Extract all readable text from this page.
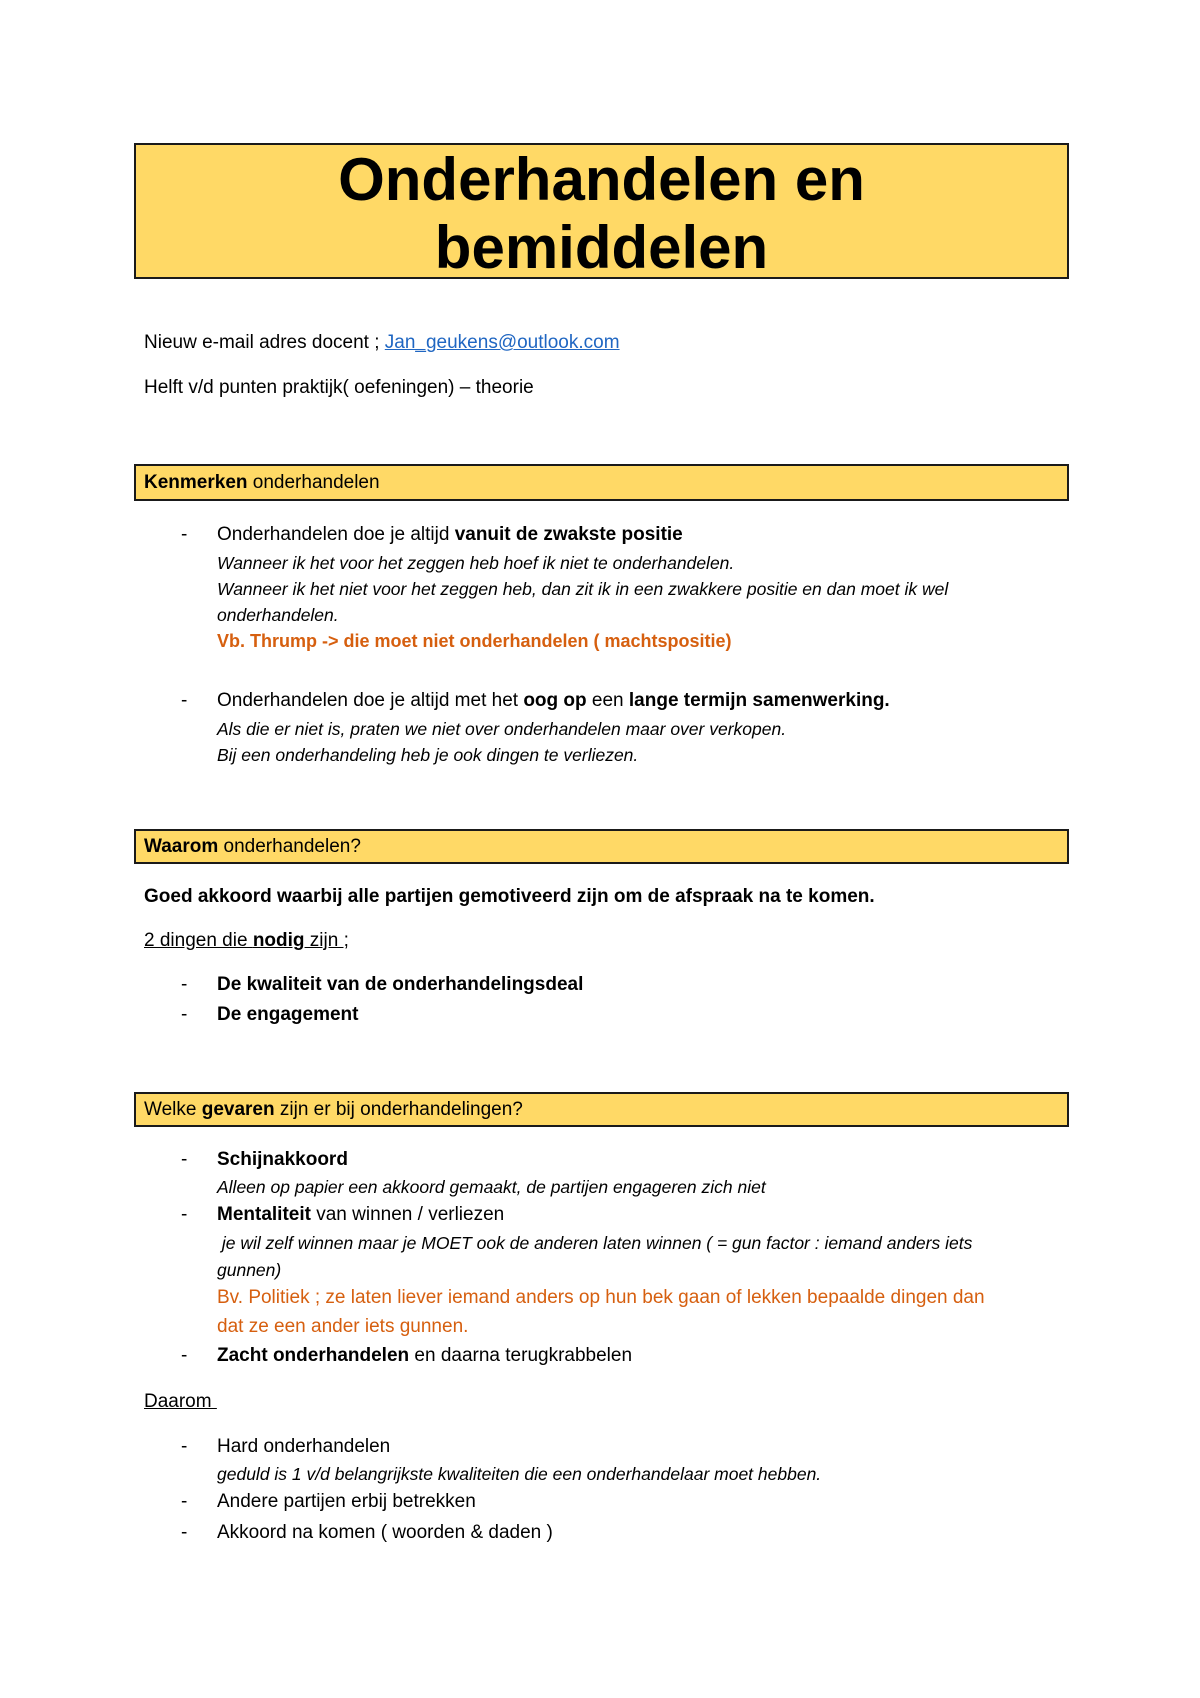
Onderhandelen en
bemiddelen
Nieuw e-mail adres docent ; Jan_geukens@outlook.com
Helft v/d punten praktijk( oefeningen) – theorie
Kenmerken onderhandelen
- Onderhandelen doe je altijd vanuit de zwakste positie
Wanneer ik het voor het zeggen heb hoef ik niet te onderhandelen.
Wanneer ik het niet voor het zeggen heb, dan zit ik in een zwakkere positie en dan moet ik wel
onderhandelen.
Vb. Thrump -> die moet niet onderhandelen ( machtspositie)
- Onderhandelen doe je altijd met het oog op een lange termijn samenwerking.
Als die er niet is, praten we niet over onderhandelen maar over verkopen.
Bij een onderhandeling heb je ook dingen te verliezen.
Waarom onderhandelen?
Goed akkoord waarbij alle partijen gemotiveerd zijn om de afspraak na te komen.
2 dingen die nodig zijn ;
- De kwaliteit van de onderhandelingsdeal
- De engagement
Welke gevaren zijn er bij onderhandelingen?
- Schijnakkoord
Alleen op papier een akkoord gemaakt, de partijen engageren zich niet
- Mentaliteit van winnen / verliezen
je wil zelf winnen maar je MOET ook de anderen laten winnen ( = gun factor : iemand anders iets
gunnen)
Bv. Politiek ; ze laten liever iemand anders op hun bek gaan of lekken bepaalde dingen dan
dat ze een ander iets gunnen.
- Zacht onderhandelen en daarna terugkrabbelen
Daarom
- Hard onderhandelen
geduld is 1 v/d belangrijkste kwaliteiten die een onderhandelaar moet hebben.
- Andere partijen erbij betrekken
- Akkoord na komen ( woorden & daden )
